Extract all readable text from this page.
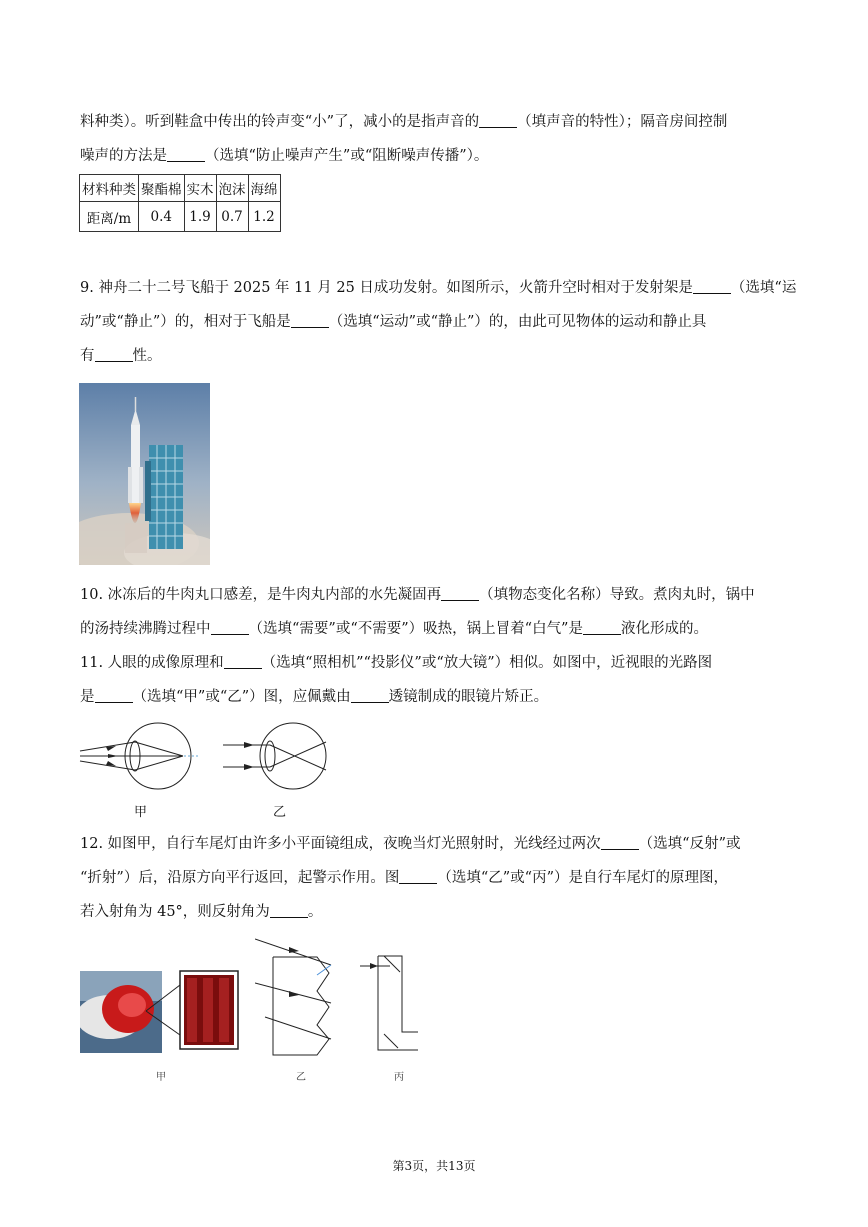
料种类）。听到鞋盒中传出的铃声变“小”了，减小的是指声音的	（填声音的特性）；隔音房间控制
噪声的方法是	（选填“防止噪声产生”或“阻断噪声传播”）。
材料种类	聚酯棉	实木	泡沫	海绵
距离/m	0.4	1.9	0.7	1.2
9. 神舟二十二号飞船于 2025 年 11 月 25 日成功发射。如图所示，火箭升空时相对于发射架是	（选填“运
动”或“静止”）的，相对于飞船是	（选填“运动”或“静止”）的，由此可见物体的运动和静止具
有	性。
10. 冰冻后的牛肉丸口感差，是牛肉丸内部的水先凝固再	（填物态变化名称）导致。煮肉丸时，锅中
的汤持续沸腾过程中	（选填“需要”或“不需要”）吸热，锅上冒着“白气”是	液化形成的。
11. 人眼的成像原理和	（选填“照相机”“投影仪”或“放大镜”）相似。如图中，近视眼的光路图
是	（选填“甲”或“乙”）图，应佩戴由	透镜制成的眼镜片矫正。
甲	乙
12. 如图甲，自行车尾灯由许多小平面镜组成，夜晚当灯光照射时，光线经过两次	（选填“反射”或
“折射”）后，沿原方向平行返回，起警示作用。图	（选填“乙”或“丙”）是自行车尾灯的原理图，
若入射角为 45°，则反射角为	。
甲	乙	丙
第3页，共13页
